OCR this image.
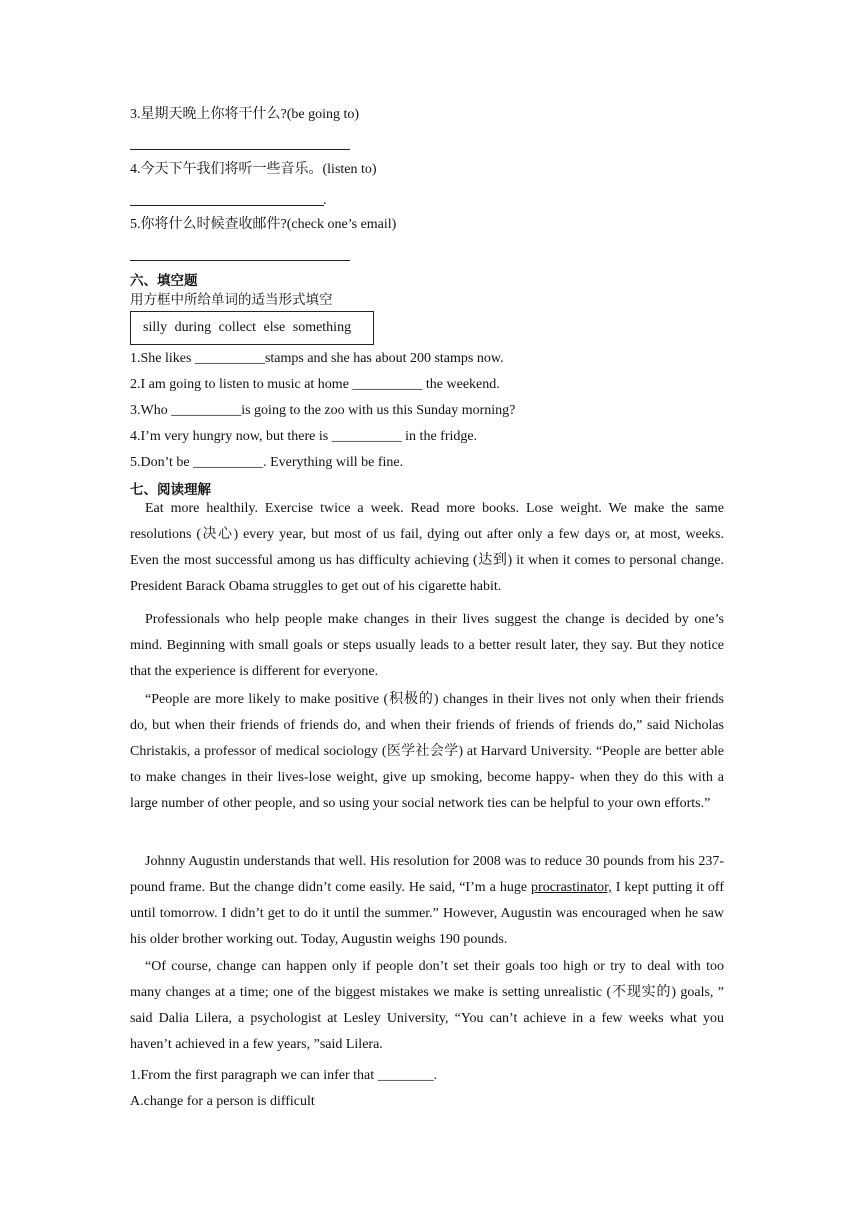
3.星期天晚上你将干什么?(be going to)
4.今天下午我们将听一些音乐。(listen to)
.
5.你将什么时候查收邮件?(check one’s email)
六、填空题
用方框中所给单词的适当形式填空
silly during collect else something
1.She likes __________stamps and she has about 200 stamps now.
2.I am going to listen to music at home __________ the weekend.
3.Who __________is going to the zoo with us this Sunday morning?
4.I’m very hungry now, but there is __________ in the fridge.
5.Don’t be __________. Everything will be fine.
七、阅读理解
Eat more healthily. Exercise twice a week. Read more books. Lose weight. We make the same resolutions (决心) every year, but most of us fail, dying out after only a few days or, at most, weeks. Even the most successful among us has difficulty achieving (达到) it when it comes to personal change. President Barack Obama struggles to get out of his cigarette habit.
Professionals who help people make changes in their lives suggest the change is decided by one’s mind. Beginning with small goals or steps usually leads to a better result later, they say. But they notice that the experience is different for everyone.
“People are more likely to make positive (积极的) changes in their lives not only when their friends do, but when their friends of friends do, and when their friends of friends of friends do,” said Nicholas Christakis, a professor of medical sociology (医学社会学) at Harvard University. “People are better able to make changes in their lives-lose weight, give up smoking, become happy- when they do this with a large number of other people, and so using your social network ties can be helpful to your own efforts.”
Johnny Augustin understands that well. His resolution for 2008 was to reduce 30 pounds from his 237-pound frame. But the change didn’t come easily. He said, “I’m a huge procrastinator, I kept putting it off until tomorrow. I didn’t get to do it until the summer.” However, Augustin was encouraged when he saw his older brother working out. Today, Augustin weighs 190 pounds.
“Of course, change can happen only if people don’t set their goals too high or try to deal with too many changes at a time; one of the biggest mistakes we make is setting unrealistic (不现实的) goals, ” said Dalia Lilera, a psychologist at Lesley University, “You can’t achieve in a few weeks what you haven’t achieved in a few years, ”said Lilera.
1.From the first paragraph we can infer that ________.
A.change for a person is difficult
